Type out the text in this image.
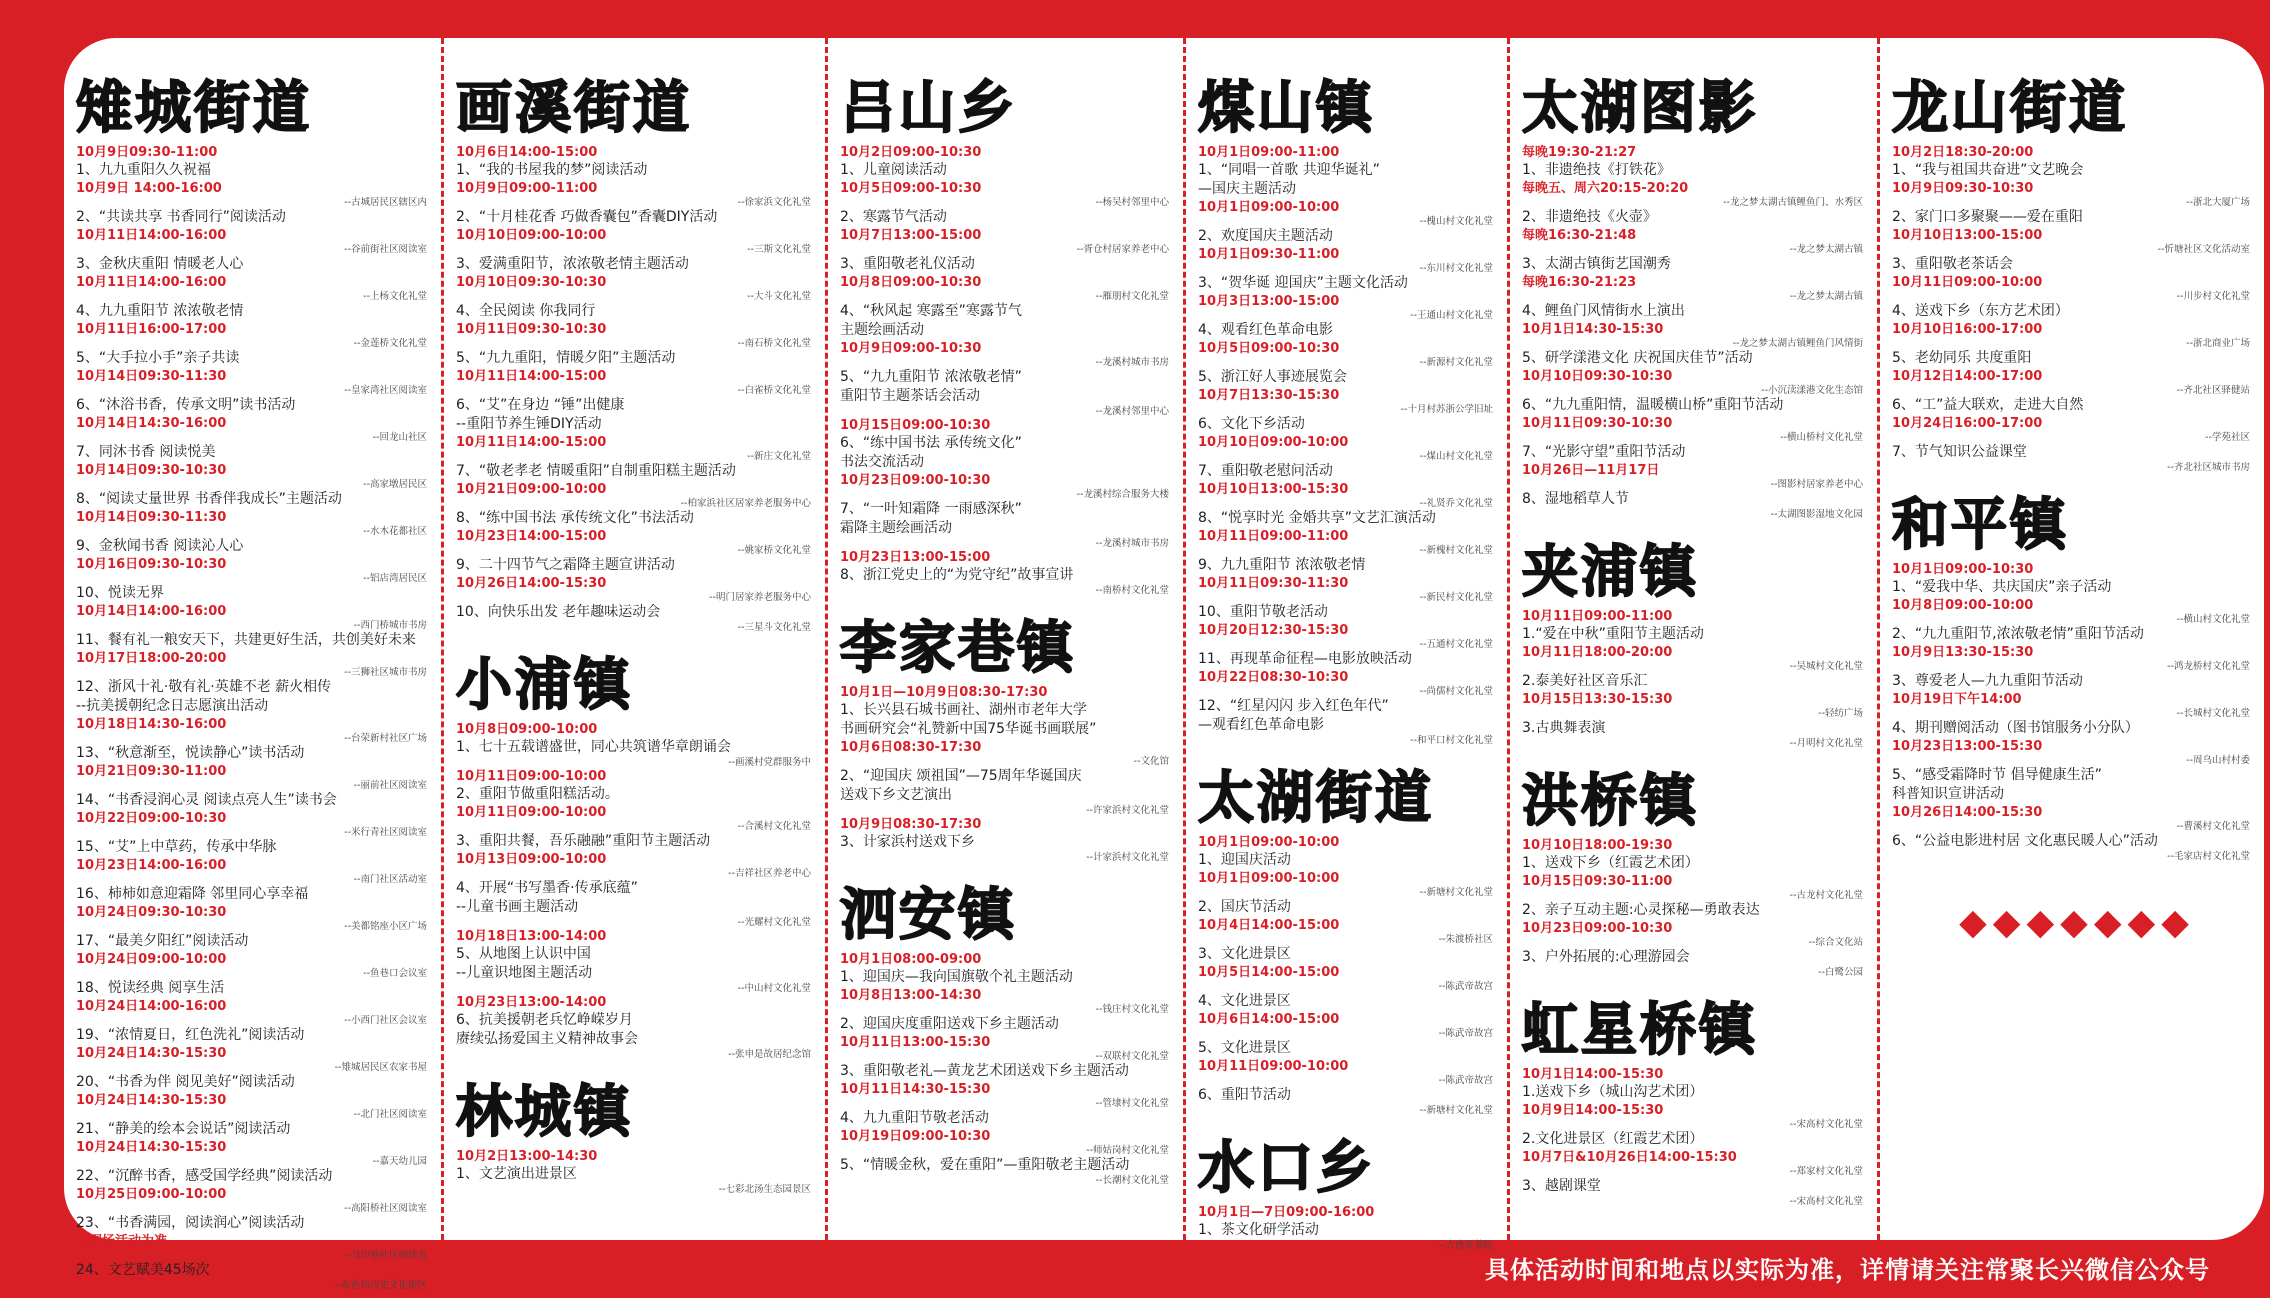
雉城街道
10月9日09:30-11:00
1、九九重阳久久祝福
10月9日 14:00-16:00
--古城居民区辖区内
2、“共读共享 书香同行”阅读活动
10月11日14:00-16:00
--谷前街社区阅读室
3、金秋庆重阳 情暖老人心
10月11日14:00-16:00
--上杨文化礼堂
4、九九重阳节 浓浓敬老情
10月11日16:00-17:00
--金莲桥文化礼堂
5、“大手拉小手”亲子共读
10月14日09:30-11:30
--皇家湾社区阅读室
6、“沐浴书香，传承文明”读书活动
10月14日14:30-16:00
--回龙山社区
7、同沐书香 阅读悦美
10月14日09:30-10:30
--高家墩居民区
8、“阅读丈量世界 书香伴我成长”主题活动
10月14日09:30-11:30
--水木花都社区
9、金秋闻书香 阅读沁人心
10月16日09:30-10:30
--铝店湾居民区
10、悦读无界
10月14日14:00-16:00
--西门桥城市书房
11、餐有礼一粮安天下，共建更好生活，共创美好未来
10月17日18:00-20:00
--三狮社区城市书房
12、浙风十礼·敬有礼·英雄不老 薪火相传
--抗美援朝纪念日志愿演出活动
10月18日14:30-16:00
--台荣新村社区广场
13、“秋意渐至，悦读静心”读书活动
10月21日09:30-11:00
--丽前社区阅读室
14、“书香浸润心灵 阅读点亮人生”读书会
10月22日09:00-10:30
--米行青社区阅读室
15、“艾”上中草药，传承中华脉
10月23日14:00-16:00
--南门社区活动室
16、柿柿如意迎霜降 邻里同心享幸福
10月24日09:30-10:30
--美都铭座小区广场
17、“最美夕阳红”阅读活动
10月24日09:00-10:00
--鱼巷口会议室
18、悦读经典 阅享生活
10月24日14:00-16:00
--小西门社区会议室
19、“浓情夏日，红色洗礼”阅读活动
10月24日14:30-15:30
--雉城居民区农家书屋
20、“书香为伴 阅见美好”阅读活动
10月24日14:30-15:30
--北门社区阅读室
21、“静美的绘本会说话”阅读活动
10月24日14:30-15:30
--嘉天幼儿园
22、“沉醉书香，感受国学经典”阅读活动
10月25日09:00-10:00
--高阳桥社区阅读室
23、“书香满园，阅读润心”阅读活动
以现场活动为准
--马巾巷社区阅读室
24、文艺赋美45场次
--东鱼坊历史文化街区
画溪街道
10月6日14:00-15:00
1、“我的书屋我的梦”阅读活动
10月9日09:00-11:00
--徐家浜文化礼堂
2、“十月桂花香 巧做香囊包”香囊DIY活动
10月10日09:00-10:00
--三斯文化礼堂
3、爱满重阳节，浓浓敬老情主题活动
10月10日09:30-10:30
--大斗文化礼堂
4、全民阅读 你我同行
10月11日09:30-10:30
--南石桥文化礼堂
5、“九九重阳，情暖夕阳”主题活动
10月11日14:00-15:00
--白雀桥文化礼堂
6、“艾”在身边 “锤”出健康
--重阳节养生锤DIY活动
10月11日14:00-15:00
--新庄文化礼堂
7、“敬老孝老 情暖重阳”自制重阳糕主题活动
10月21日09:00-10:00
--柏家浜社区居家养老服务中心
8、“练中国书法 承传统文化”书法活动
10月23日14:00-15:00
--姚家桥文化礼堂
9、二十四节气之霜降主题宣讲活动
10月26日14:00-15:30
--明门居家养老服务中心
10、向快乐出发 老年趣味运动会
--三星斗文化礼堂
小浦镇
10月8日09:00-10:00
1、七十五载谱盛世，同心共筑谱华章朗诵会
--画溪村党群服务中
10月11日09:00-10:00
2、重阳节做重阳糕活动。
10月11日09:00-10:00
--合溪村文化礼堂
3、重阳共餐，吾乐融融”重阳节主题活动
10月13日09:00-10:00
--吉祥社区养老中心
4、开展“书写墨香·传承底蕴”
--儿童书画主题活动
--光耀村文化礼堂
10月18日13:00-14:00
5、从地图上认识中国
--儿童识地图主题活动
--中山村文化礼堂
10月23日13:00-14:00
6、抗美援朝老兵忆峥嵘岁月
赓续弘扬爱国主义精神故事会
--张申是故居纪念馆
林城镇
10月2日13:00-14:30
1、文艺演出进景区
--七彩北汤生态园景区
吕山乡
10月2日09:00-10:30
1、儿童阅读活动
10月5日09:00-10:30
--杨吴村邻里中心
2、寒露节气活动
10月7日13:00-15:00
--胥仓村居家养老中心
3、重阳敬老礼仪活动
10月8日09:00-10:30
--雁朋村文化礼堂
4、“秋风起 寒露至”寒露节气
主题绘画活动
10月9日09:00-10:30
--龙溪村城市书房
5、“九九重阳节 浓浓敬老情”
重阳节主题茶话会活动
--龙溪村邻里中心
10月15日09:00-10:30
6、“练中国书法 承传统文化”
书法交流活动
10月23日09:00-10:30
--龙溪村综合服务大楼
7、“一叶知霜降 一雨感深秋”
霜降主题绘画活动
--龙溪村城市书房
10月23日13:00-15:00
8、浙江党史上的“为党守纪”故事宣讲
--南桥村文化礼堂
李家巷镇
10月1日—10月9日08:30-17:30
1、长兴县石城书画社、湖州市老年大学
书画研究会“礼赞新中国75华诞书画联展”
10月6日08:30-17:30
--文化馆
2、“迎国庆 颂祖国”—75周年华诞国庆
送戏下乡文艺演出
--许家浜村文化礼堂
10月9日08:30-17:30
3、计家浜村送戏下乡
--计家浜村文化礼堂
泗安镇
10月1日08:00-09:00
1、迎国庆—我向国旗敬个礼主题活动
10月8日13:00-14:30
--钱庄村文化礼堂
2、迎国庆度重阳送戏下乡主题活动
10月11日13:00-15:30
--双联村文化礼堂
3、重阳敬老礼—黄龙艺术团送戏下乡主题活动
10月11日14:30-15:30
--管埭村文化礼堂
4、九九重阳节敬老活动
10月19日09:00-10:30
--师姑岗村文化礼堂
5、“情暖金秋，爱在重阳”—重阳敬老主题活动
--长潮村文化礼堂
煤山镇
10月1日09:00-11:00
1、“同唱一首歌 共迎华诞礼”
—国庆主题活动
10月1日09:00-10:00
--槐山村文化礼堂
2、欢度国庆主题活动
10月1日09:30-11:00
--东川村文化礼堂
3、“贺华诞 迎国庆”主题文化活动
10月3日13:00-15:00
--王通山村文化礼堂
4、观看红色革命电影
10月5日09:00-10:30
--新源村文化礼堂
5、浙江好人事迹展览会
10月7日13:30-15:30
--十月村苏浙公学旧址
6、文化下乡活动
10月10日09:00-10:00
--煤山村文化礼堂
7、重阳敬老慰问活动
10月10日13:00-15:30
--礼贤乔文化礼堂
8、“悦享时光 金婚共享”文艺汇演活动
10月11日09:00-11:00
--新槐村文化礼堂
9、九九重阳节 浓浓敬老情
10月11日09:30-11:30
--新民村文化礼堂
10、重阳节敬老活动
10月20日12:30-15:30
--五通村文化礼堂
11、再现革命征程—电影放映活动
10月22日08:30-10:30
--尚儒村文化礼堂
12、“红星闪闪 步入红色年代”
—观看红色革命电影
--和平口村文化礼堂
太湖街道
10月1日09:00-10:00
1、迎国庆活动
10月1日09:00-10:00
--新塘村文化礼堂
2、国庆节活动
10月4日14:00-15:00
--朱渡桥社区
3、文化进景区
10月5日14:00-15:00
--陈武帝故宫
4、文化进景区
10月6日14:00-15:00
--陈武帝故宫
5、文化进景区
10月11日09:00-10:00
--陈武帝故宫
6、重阳节活动
--新塘村文化礼堂
水口乡
10月1日—7日09:00-16:00
1、茶文化研学活动
--大唐贡茶院
太湖图影
每晚19:30-21:27
1、非遗绝技《打铁花》
每晚五、周六20:15-20:20
--龙之梦太湖古镇鲤鱼门、水秀区
2、非遗绝技《火壶》
每晚16:30-21:48
--龙之梦太湖古镇
3、太湖古镇街艺国潮秀
每晚16:30-21:23
--龙之梦太湖古镇
4、鲤鱼门风情街水上演出
10月1日14:30-15:30
--龙之梦太湖古镇鲤鱼门风情街
5、研学漾港文化 庆祝国庆佳节”活动
10月10日09:30-10:30
--小沉渎漾港文化生态馆
6、“九九重阳情，温暖横山桥”重阳节活动
10月11日09:30-10:30
--横山桥村文化礼堂
7、“光影守望”重阳节活动
10月26日—11月17日
--图影村居家养老中心
8、湿地稻草人节
--太湖图影湿地文化园
夹浦镇
10月11日09:00-11:00
1.“爱在中秋”重阳节主题活动
10月11日18:00-20:00
--吴城村文化礼堂
2.泰美好社区音乐汇
10月15日13:30-15:30
--轻纺广场
3.古典舞表演
--月明村文化礼堂
洪桥镇
10月10日18:00-19:30
1、送戏下乡（红霞艺术团）
10月15日09:30-11:00
--古龙村文化礼堂
2、亲子互动主题:心灵探秘—勇敢表达
10月23日09:00-10:30
--综合文化站
3、户外拓展的:心理游园会
--白鹭公园
虹星桥镇
10月1日14:00-15:30
1.送戏下乡（城山沟艺术团）
10月9日14:00-15:30
--宋高村文化礼堂
2.文化进景区（红霞艺术团）
10月7日&10月26日14:00-15:30
--郑家村文化礼堂
3、越剧课堂
--宋高村文化礼堂
龙山街道
10月2日18:30-20:00
1、“我与祖国共奋进”文艺晚会
10月9日09:30-10:30
--浙北大厦广场
2、家门口多聚聚——爱在重阳
10月10日13:00-15:00
--忻塘社区文化活动室
3、重阳敬老茶话会
10月11日09:00-10:00
--川步村文化礼堂
4、送戏下乡（东方艺术团）
10月10日16:00-17:00
--浙北商业广场
5、老幼同乐 共度重阳
10月12日14:00-17:00
--齐北社区驿健站
6、“工”益大联欢，走进大自然
10月24日16:00-17:00
--学苑社区
7、节气知识公益课堂
--齐北社区城市书房
和平镇
10月1日09:00-10:30
1、“爱我中华、共庆国庆”亲子活动
10月8日09:00-10:00
--横山村文化礼堂
2、“九九重阳节,浓浓敬老情”重阳节活动
10月9日13:30-15:30
--鸿龙桥村文化礼堂
3、尊爱老人—九九重阳节活动
10月19日下午14:00
--长城村文化礼堂
4、期刊赠阅活动（图书馆服务小分队）
10月23日13:00-15:30
--周乌山村村委
5、“感受霜降时节 倡导健康生活”
科普知识宣讲活动
10月26日14:00-15:30
--曹溪村文化礼堂
6、“公益电影进村居 文化惠民暖人心”活动
--毛家店村文化礼堂
◆ ◆ ◆ ◆ ◆ ◆ ◆
具体活动时间和地点以实际为准，详情请关注常聚长兴微信公众号
